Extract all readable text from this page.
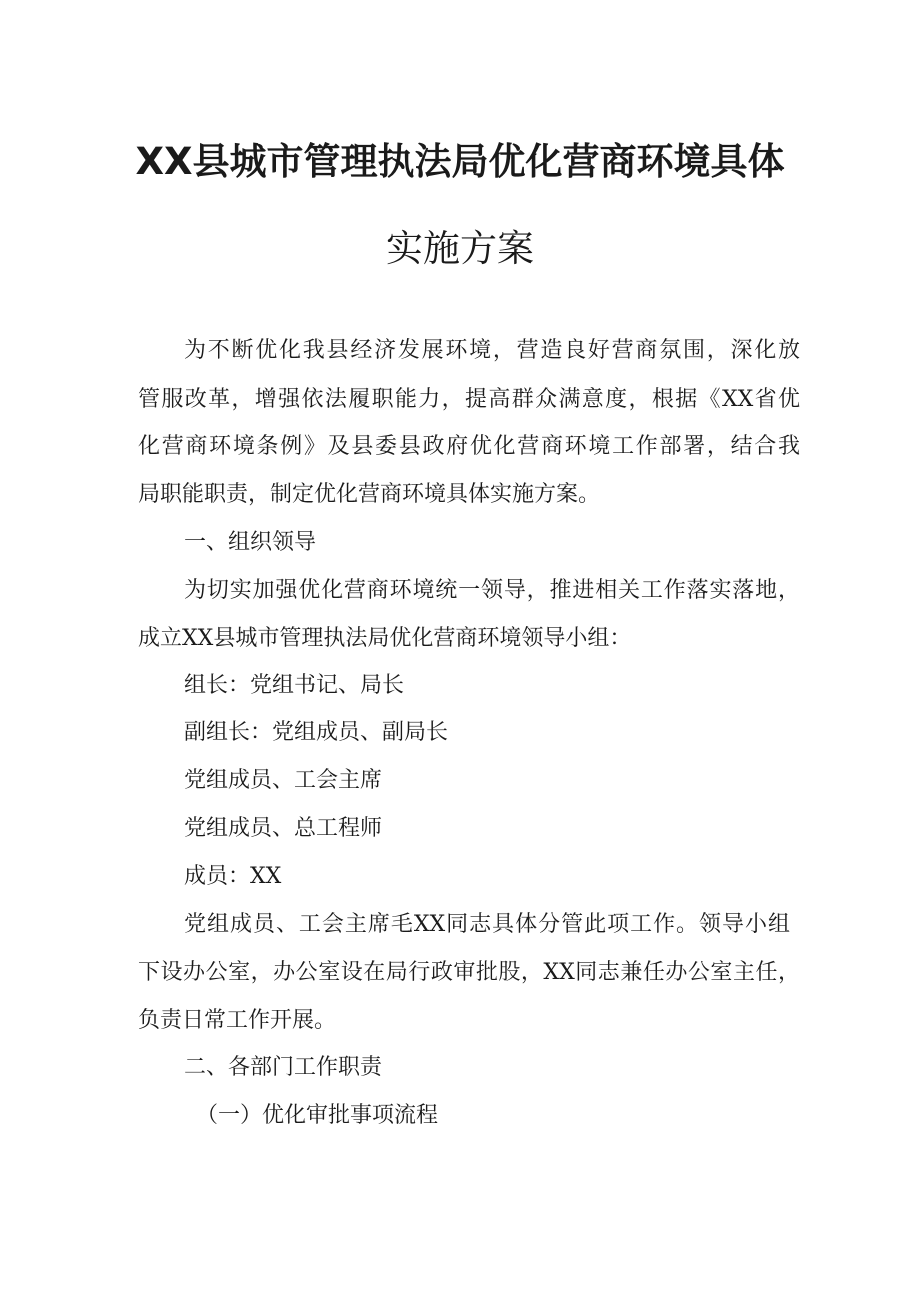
XX县城市管理执法局优化营商环境具体
实施方案
为不断优化我县经济发展环境，营造良好营商氛围，深化放
管服改革，增强依法履职能力，提高群众满意度，根据《XX省优
化营商环境条例》及县委县政府优化营商环境工作部署，结合我
局职能职责，制定优化营商环境具体实施方案。
一、组织领导
为切实加强优化营商环境统一领导，推进相关工作落实落地，
成立XX县城市管理执法局优化营商环境领导小组：
组长：党组书记、局长
副组长：党组成员、副局长
党组成员、工会主席
党组成员、总工程师
成员：XX
党组成员、工会主席毛XX同志具体分管此项工作。领导小组
下设办公室，办公室设在局行政审批股，XX同志兼任办公室主任，
负责日常工作开展。
二、各部门工作职责
（一）优化审批事项流程
